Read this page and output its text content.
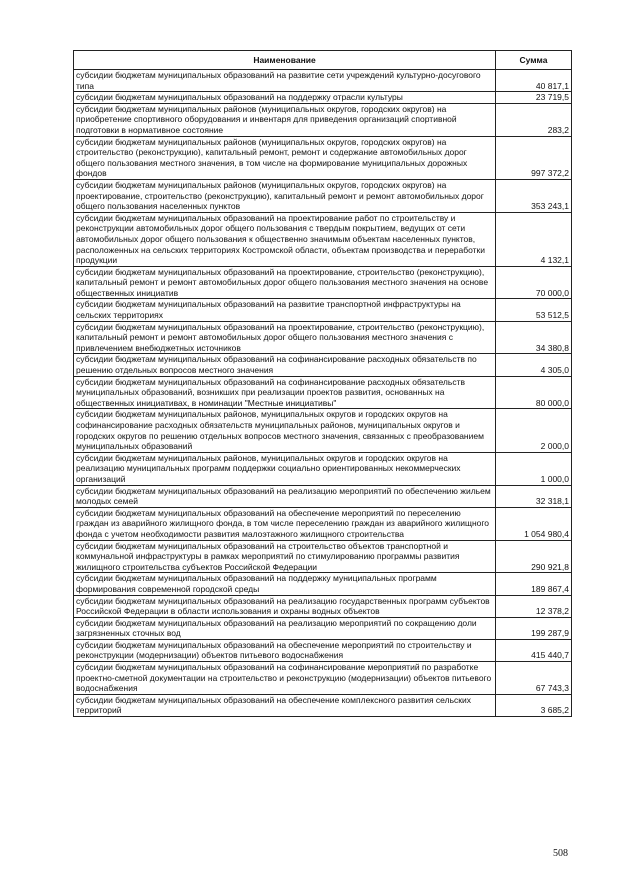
Наименование	Сумма
субсидии бюджетам муниципальных образований на развитие сети учреждений культурно-досугового типа	40 817,1
субсидии бюджетам муниципальных образований на поддержку отрасли культуры	23 719,5
субсидии бюджетам муниципальных районов (муниципальных округов, городских округов) на приобретение спортивного оборудования и инвентаря для приведения организаций спортивной подготовки в нормативное состояние	283,2
субсидии бюджетам муниципальных районов (муниципальных округов, городских округов) на строительство (реконструкцию), капитальный ремонт, ремонт и содержание автомобильных дорог общего пользования местного значения, в том числе на формирование муниципальных дорожных фондов	997 372,2
субсидии бюджетам муниципальных районов (муниципальных округов, городских округов) на проектирование, строительство (реконструкцию), капитальный ремонт и ремонт автомобильных дорог общего пользования населенных пунктов	353 243,1
субсидии бюджетам муниципальных образований на проектирование работ по строительству и реконструкции автомобильных дорог общего пользования с твердым покрытием, ведущих от сети автомобильных дорог общего пользования к общественно значимым объектам населенных пунктов, расположенных на сельских территориях Костромской области, объектам производства и переработки продукции	4 132,1
субсидии бюджетам муниципальных образований на проектирование, строительство (реконструкцию), капитальный ремонт и ремонт автомобильных дорог общего пользования местного значения на основе общественных инициатив	70 000,0
субсидии бюджетам муниципальных образований на развитие транспортной инфраструктуры на сельских территориях	53 512,5
субсидии бюджетам муниципальных образований на проектирование, строительство (реконструкцию), капитальный ремонт и ремонт автомобильных дорог общего пользования местного значения с привлечением внебюджетных источников	34 380,8
субсидии бюджетам муниципальных образований на софинансирование расходных обязательств по решению отдельных вопросов местного значения	4 305,0
субсидии бюджетам муниципальных образований на софинансирование расходных обязательств муниципальных образований, возникших при реализации проектов развития, основанных на общественных инициативах, в номинации "Местные инициативы"	80 000,0
субсидии бюджетам муниципальных районов, муниципальных округов и городских округов на софинансирование расходных обязательств муниципальных районов, муниципальных округов и городских округов по решению отдельных вопросов местного значения, связанных с преобразованием муниципальных образований	2 000,0
субсидии бюджетам муниципальных районов, муниципальных округов и городских округов на реализацию муниципальных программ поддержки социально ориентированных некоммерческих организаций	1 000,0
субсидии бюджетам муниципальных образований на реализацию мероприятий по обеспечению жильем молодых семей	32 318,1
субсидии бюджетам муниципальных образований на обеспечение мероприятий по переселению граждан из аварийного жилищного фонда, в том числе переселению граждан из аварийного жилищного фонда с учетом необходимости развития малоэтажного жилищного строительства	1 054 980,4
субсидии бюджетам муниципальных образований на строительство объектов транспортной и коммунальной инфраструктуры в рамках мероприятий по стимулированию программы развития жилищного строительства субъектов Российской Федерации	290 921,8
субсидии бюджетам муниципальных образований на поддержку муниципальных программ формирования современной городской среды	189 867,4
субсидии бюджетам муниципальных образований на реализацию государственных программ субъектов Российской Федерации в области использования и охраны водных объектов	12 378,2
субсидии бюджетам муниципальных образований на реализацию мероприятий по сокращению доли загрязненных сточных вод	199 287,9
субсидии бюджетам муниципальных образований на обеспечение мероприятий по строительству и реконструкции (модернизации) объектов питьевого водоснабжения	415 440,7
субсидии бюджетам муниципальных образований на софинансирование мероприятий по разработке проектно-сметной документации на строительство и реконструкцию (модернизации) объектов питьевого водоснабжения	67 743,3
субсидии бюджетам муниципальных образований на обеспечение комплексного развития сельских территорий	3 685,2
508
